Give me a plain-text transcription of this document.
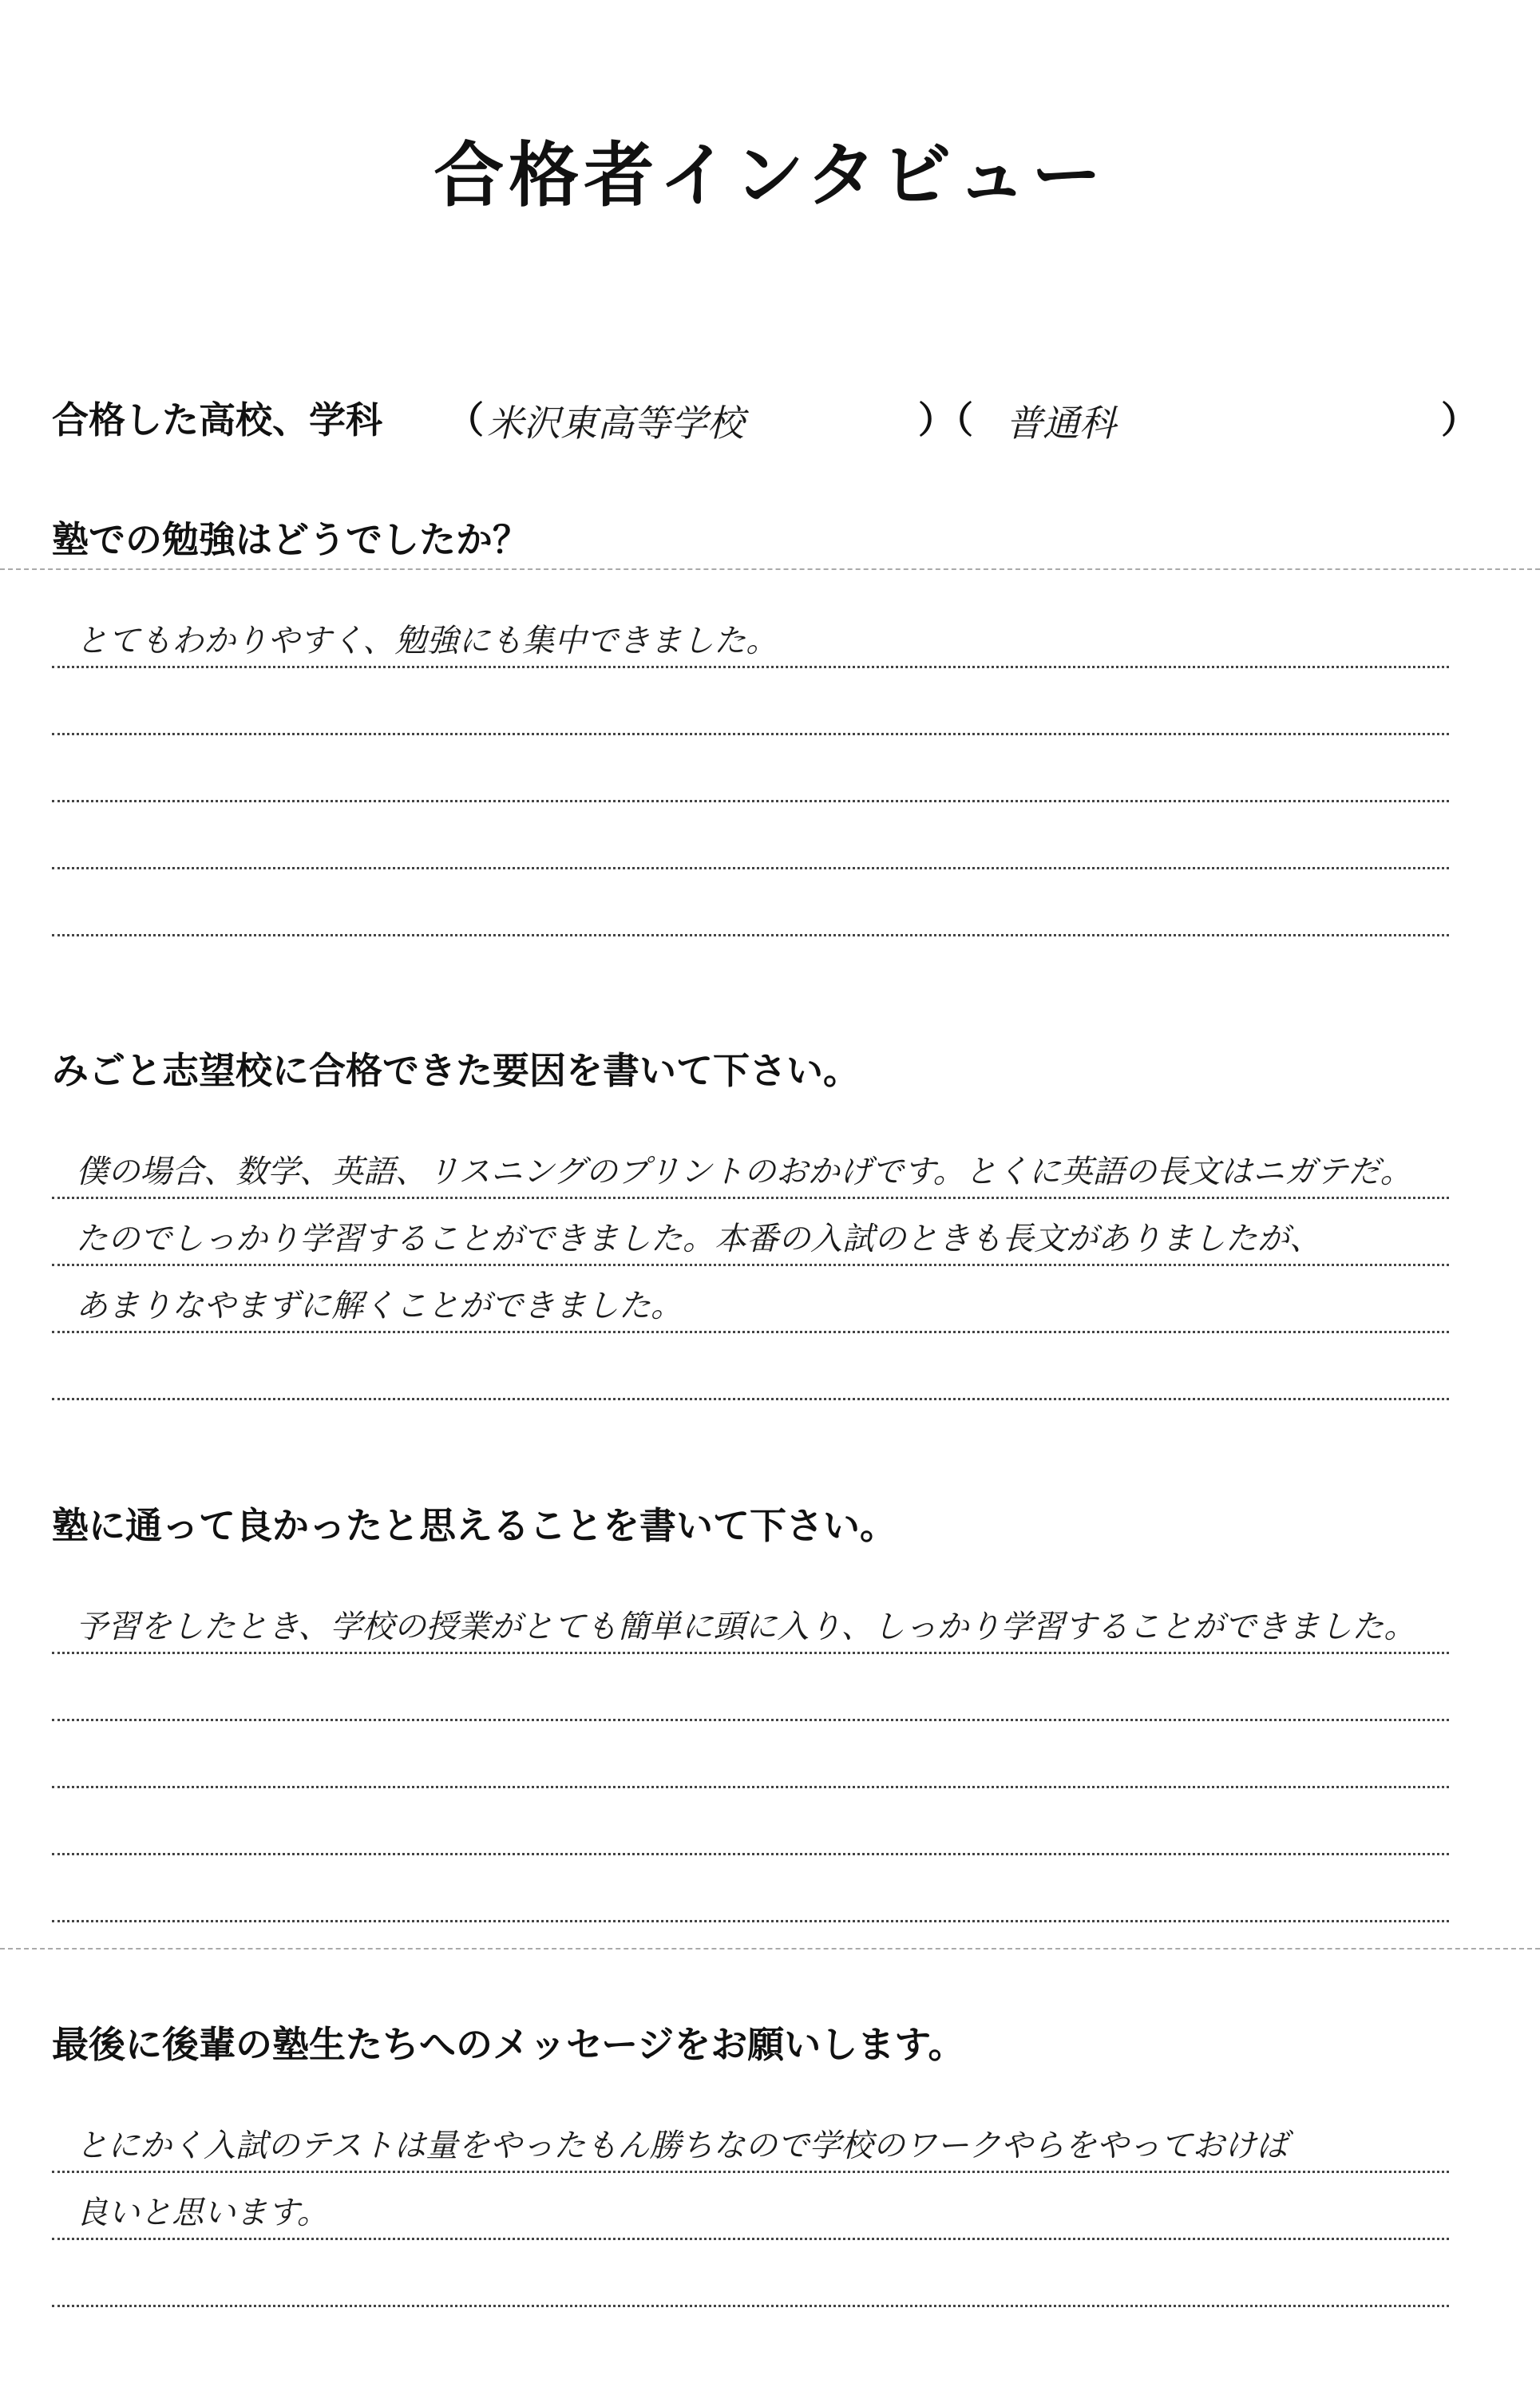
合格者インタビュー
合格した高校、学科 （ 米沢東高等学校	）（ 普通科	）
塾での勉強はどうでしたか？
とてもわかりやすく、勉強にも集中できました。
みごと志望校に合格できた要因を書いて下さい。
僕の場合、数学、英語、リスニングのプリントのおかげです。とくに英語の長文はニガテだ。
たのでしっかり学習することができました。本番の入試のときも長文がありましたが、
あまりなやまずに解くことができました。
塾に通って良かったと思えることを書いて下さい。
予習をしたとき、学校の授業がとても簡単に頭に入り、しっかり学習することができました。
最後に後輩の塾生たちへのメッセージをお願いします。
とにかく入試のテストは量をやったもん勝ちなので学校のワークやらをやっておけば
良いと思います。
